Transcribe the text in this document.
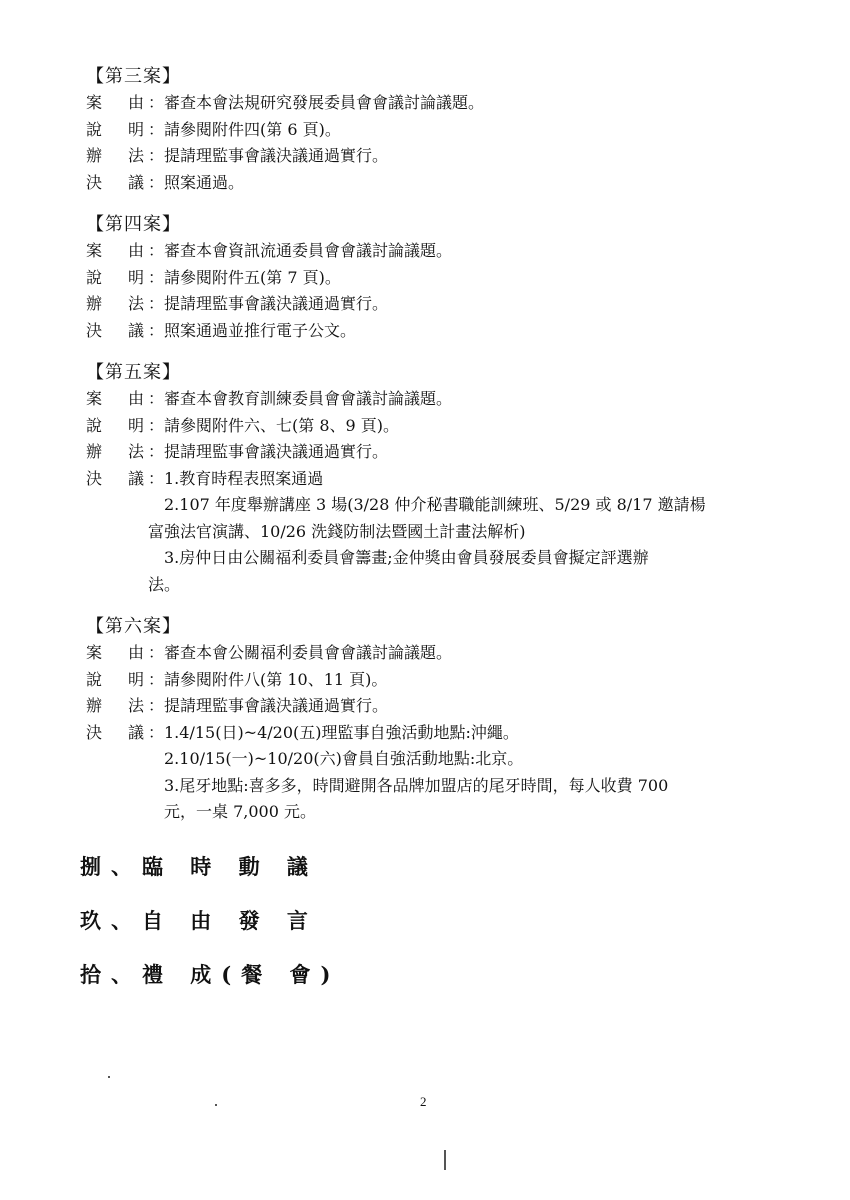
【第三案】
案 由 ： 審查本會法規研究發展委員會會議討論議題。
說 明 ： 請參閱附件四(第 6 頁)。
辦 法 ： 提請理監事會議決議通過實行。
決 議 ： 照案通過。
【第四案】
案 由 ： 審查本會資訊流通委員會會議討論議題。
說 明 ： 請參閱附件五(第 7 頁)。
辦 法 ： 提請理監事會議決議通過實行。
決 議 ： 照案通過並推行電子公文。
【第五案】
案 由 ： 審查本會教育訓練委員會會議討論議題。
說 明 ： 請參閱附件六、七(第 8、9 頁)。
辦 法 ： 提請理監事會議決議通過實行。
決 議 ： 1.教育時程表照案通過
2.107 年度舉辦講座 3 場(3/28 仲介秘書職能訓練班、5/29 或 8/17 邀請楊
富強法官演講、10/26 洗錢防制法暨國土計畫法解析)
3.房仲日由公關福利委員會籌畫;金仲獎由會員發展委員會擬定評選辦
法。
【第六案】
案 由 ： 審查本會公關福利委員會會議討論議題。
說 明 ： 請參閱附件八(第 10、11 頁)。
辦 法 ： 提請理監事會議決議通過實行。
決 議 ： 1.4/15(日)~4/20(五)理監事自強活動地點:沖繩。
2.10/15(一)~10/20(六)會員自強活動地點:北京。
3.尾牙地點:喜多多，時間避開各品牌加盟店的尾牙時間，每人收費 700
元，一桌 7,000 元。
捌、臨 時 動 議
玖、自 由 發 言
拾、禮 成(餐 會)
2
